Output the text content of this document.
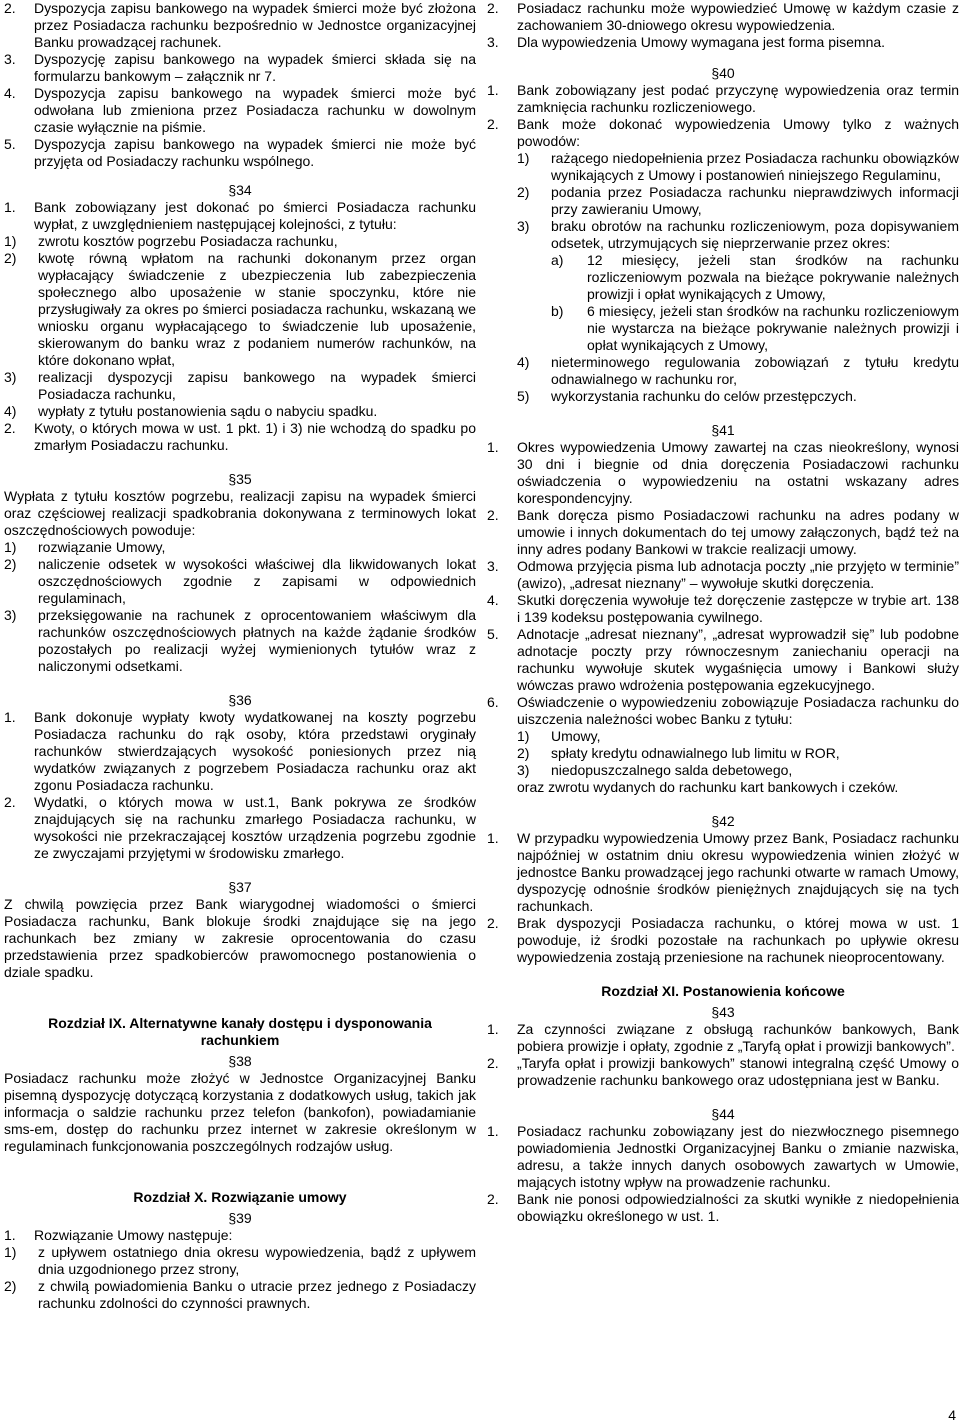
2.	Dyspozycja zapisu bankowego na wypadek śmierci może być złożona przez Posiadacza rachunku bezpośrednio w Jednostce organizacyjnej Banku prowadzącej rachunek.
3.	Dyspozycję zapisu bankowego na wypadek śmierci składa się na formularzu bankowym – załącznik nr 7.
4.	Dyspozycja zapisu bankowego na wypadek śmierci może być odwołana lub zmieniona przez Posiadacza rachunku w dowolnym czasie wyłącznie na piśmie.
5.	Dyspozycja zapisu bankowego na wypadek śmierci nie może być przyjęta od Posiadaczy rachunku wspólnego.

§34

1.	Bank zobowiązany jest dokonać po śmierci Posiadacza rachunku wypłat, z uwzględnieniem następującej kolejności, z tytułu:
1)	zwrotu kosztów pogrzebu Posiadacza rachunku,
2)	kwotę równą wpłatom na rachunki dokonanym przez organ wypłacający świadczenie z ubezpieczenia lub zabezpieczenia społecznego albo uposażenie w stanie spoczynku, które nie przysługiwały za okres po śmierci posiadacza rachunku, wskazaną we wniosku organu wypłacającego to świadczenie lub uposażenie, skierowanym do banku wraz z podaniem numerów rachunków, na które dokonano wpłat,
3)	realizacji dyspozycji zapisu bankowego na wypadek śmierci Posiadacza rachunku,
4)	wypłaty z tytułu postanowienia sądu o nabyciu spadku.
2.	Kwoty, o których mowa w ust. 1 pkt. 1) i 3) nie wchodzą do spadku po zmarłym Posiadaczu rachunku.

§35

Wypłata z tytułu kosztów pogrzebu, realizacji zapisu na wypadek śmierci oraz częściowej realizacji spadkobrania dokonywana z terminowych lokat oszczędnościowych powoduje:

1)	rozwiązanie Umowy,
2)	naliczenie odsetek w wysokości właściwej dla likwidowanych lokat oszczędnościowych zgodnie z zapisami w odpowiednich regulaminach,
3)	przeksięgowanie na rachunek z oprocentowaniem właściwym dla rachunków oszczędnościowych płatnych na każde żądanie środków pozostałych po realizacji wyżej wymienionych tytułów wraz z naliczonymi odsetkami.

§36

1.	Bank dokonuje wypłaty kwoty wydatkowanej na koszty pogrzebu Posiadacza rachunku do rąk osoby, która przedstawi oryginały rachunków stwierdzających wysokość poniesionych przez nią wydatków związanych z pogrzebem Posiadacza rachunku oraz akt zgonu Posiadacza rachunku.
2.	Wydatki, o których mowa w ust.1, Bank pokrywa ze środków znajdujących się na rachunku zmarłego Posiadacza rachunku, w wysokości nie przekraczającej kosztów urządzenia pogrzebu zgodnie ze zwyczajami przyjętymi w środowisku zmarłego.

§37

Z chwilą powzięcia przez Bank wiarygodnej wiadomości o śmierci Posiadacza rachunku, Bank blokuje środki znajdujące się na jego rachunkach bez zmiany w zakresie oprocentowania do czasu przedstawienia przez spadkobierców prawomocnego postanowienia o dziale spadku.

Rozdział IX. Alternatywne kanały dostępu i dysponowania rachunkiem

§38

Posiadacz rachunku może złożyć w Jednostce Organizacyjnej Banku pisemną dyspozycję dotyczącą korzystania z dodatkowych usług, takich jak informacja o saldzie rachunku przez telefon (bankofon), powiadamianie sms-em, dostęp do rachunku przez internet w zakresie określonym w regulaminach funkcjonowania poszczególnych rodzajów usług.

Rozdział X. Rozwiązanie umowy

§39

1.	Rozwiązanie Umowy następuje:
1)	z upływem ostatniego dnia okresu wypowiedzenia, bądź z upływem dnia uzgodnionego przez strony,
2)	z chwilą powiadomienia Banku o utracie przez jednego z Posiadaczy rachunku zdolności do czynności prawnych.
2.	Posiadacz rachunku może wypowiedzieć Umowę w każdym czasie z zachowaniem 30-dniowego okresu wypowiedzenia.
3.	Dla wypowiedzenia Umowy wymagana jest forma pisemna.

§40

1.	Bank zobowiązany jest podać przyczynę wypowiedzenia oraz termin zamknięcia rachunku rozliczeniowego.
2.	Bank może dokonać wypowiedzenia Umowy tylko z ważnych powodów:
1)	rażącego niedopełnienia przez Posiadacza rachunku obowiązków wynikających z Umowy i postanowień niniejszego Regulaminu,
2)	podania przez Posiadacza rachunku nieprawdziwych informacji przy zawieraniu Umowy,
3)	braku obrotów na rachunku rozliczeniowym, poza dopisywaniem odsetek, utrzymujących się nieprzerwanie przez okres:
a)	12 miesięcy, jeżeli stan środków na rachunku rozliczeniowym pozwala na bieżące pokrywanie należnych prowizji i opłat wynikających z Umowy,
b)	6 miesięcy, jeżeli stan środków na rachunku rozliczeniowym nie wystarcza na bieżące pokrywanie należnych prowizji i opłat wynikających z Umowy,
4)	nieterminowego regulowania zobowiązań z tytułu kredytu odnawialnego w rachunku ror,
5)	wykorzystania rachunku do celów przestępczych.

§41

1.	Okres wypowiedzenia Umowy zawartej na czas nieokreślony, wynosi 30 dni i biegnie od dnia doręczenia Posiadaczowi rachunku oświadczenia o wypowiedzeniu na ostatni wskazany adres korespondencyjny.
2.	Bank doręcza pismo Posiadaczowi rachunku na adres podany w umowie i innych dokumentach do tej umowy załączonych, bądź też na inny adres podany Bankowi w trakcie realizacji umowy.
3.	Odmowa przyjęcia pisma lub adnotacja poczty „nie przyjęto w terminie” (awizo), „adresat nieznany” – wywołuje skutki doręczenia.
4.	Skutki doręczenia wywołuje też doręczenie zastępcze w trybie art. 138 i 139 kodeksu postępowania cywilnego.
5.	Adnotacje „adresat nieznany”, „adresat wyprowadził się” lub podobne adnotacje poczty przy równoczesnym zaniechaniu operacji na rachunku wywołuje skutek wygaśnięcia umowy i Bankowi służy wówczas prawo wdrożenia postępowania egzekucyjnego.
6.	Oświadczenie o wypowiedzeniu zobowiązuje Posiadacza rachunku do uiszczenia należności wobec Banku z tytułu:
1)	Umowy,
2)	spłaty kredytu odnawialnego lub limitu w ROR,
3)	niedopuszczalnego salda debetowego,

oraz zwrotu wydanych do rachunku kart bankowych i czeków.

§42

1.	W przypadku wypowiedzenia Umowy przez Bank, Posiadacz rachunku najpóźniej w ostatnim dniu okresu wypowiedzenia winien złożyć w jednostce Banku prowadzącej jego rachunki otwarte w ramach Umowy, dyspozycję odnośnie środków pieniężnych znajdujących się na tych rachunkach.
2.	Brak dyspozycji Posiadacza rachunku, o której mowa w ust. 1 powoduje, iż środki pozostałe na rachunkach po upływie okresu wypowiedzenia zostają przeniesione na rachunek nieoprocentowany.

Rozdział XI. Postanowienia końcowe

§43

1.	Za czynności związane z obsługą rachunków bankowych, Bank pobiera prowizje i opłaty, zgodnie z „Taryfą opłat i prowizji bankowych”.
2.	„Taryfa opłat i prowizji bankowych” stanowi integralną część Umowy o prowadzenie rachunku bankowego oraz udostępniana jest w Banku.

§44

1.	Posiadacz rachunku zobowiązany jest do niezwłocznego pisemnego powiadomienia Jednostki Organizacyjnej Banku o zmianie nazwiska, adresu, a także innych danych osobowych zawartych w Umowie, mających istotny wpływ na prowadzenie rachunku.
2.	Bank nie ponosi odpowiedzialności za skutki wynikłe z niedopełnienia obowiązku określonego w ust. 1.
4
